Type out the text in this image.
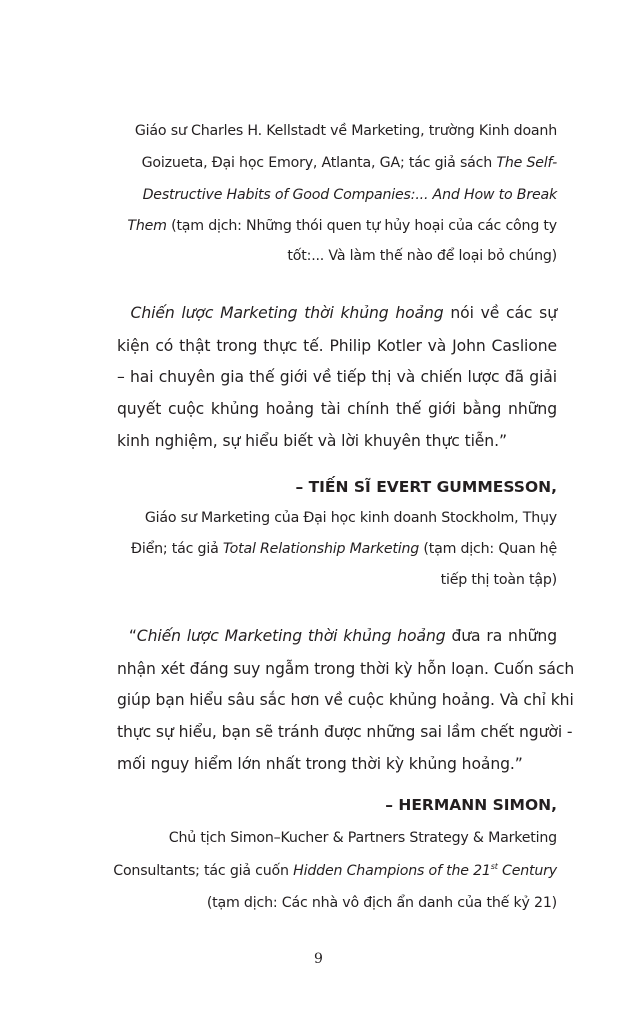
9
Giáo sư Charles H. Kellstadt về Marketing, trường Kinh doanh
Goizueta, Đại học Emory, Atlanta, GA; tác giả sách The Self-
Destructive Habits of Good Companies:... And How to Break
Them (tạm dịch: Những thói quen tự hủy hoại của các công ty
tốt:... Và làm thế nào để loại bỏ chúng)
Chiến lược Marketing thời khủng hoảng nói về các sự
kiện có thật trong thực tế. Philip Kotler và John Caslione
– hai chuyên gia thế giới về tiếp thị và chiến lược đã giải
quyết cuộc khủng hoảng tài chính thế giới bằng những
kinh nghiệm, sự hiểu biết và lời khuyên thực tiễn.”
– TIẾN SĨ EVERT GUMMESSON,
Giáo sư Marketing của Đại học kinh doanh Stockholm, Thụy
Điển; tác giả Total Relationship Marketing (tạm dịch: Quan hệ
tiếp thị toàn tập)
“Chiến lược Marketing thời khủng hoảng đưa ra những
nhận xét đáng suy ngẫm trong thời kỳ hỗn loạn. Cuốn sách
giúp bạn hiểu sâu sắc hơn về cuộc khủng hoảng. Và chỉ khi
thực sự hiểu, bạn sẽ tránh được những sai lầm chết người -
mối nguy hiểm lớn nhất trong thời kỳ khủng hoảng.”
– HERMANN SIMON,
Chủ tịch Simon–Kucher & Partners Strategy & Marketing
Consultants; tác giả cuốn Hidden Champions of the 21st Century
(tạm dịch: Các nhà vô địch ẩn danh của thế kỷ 21)
